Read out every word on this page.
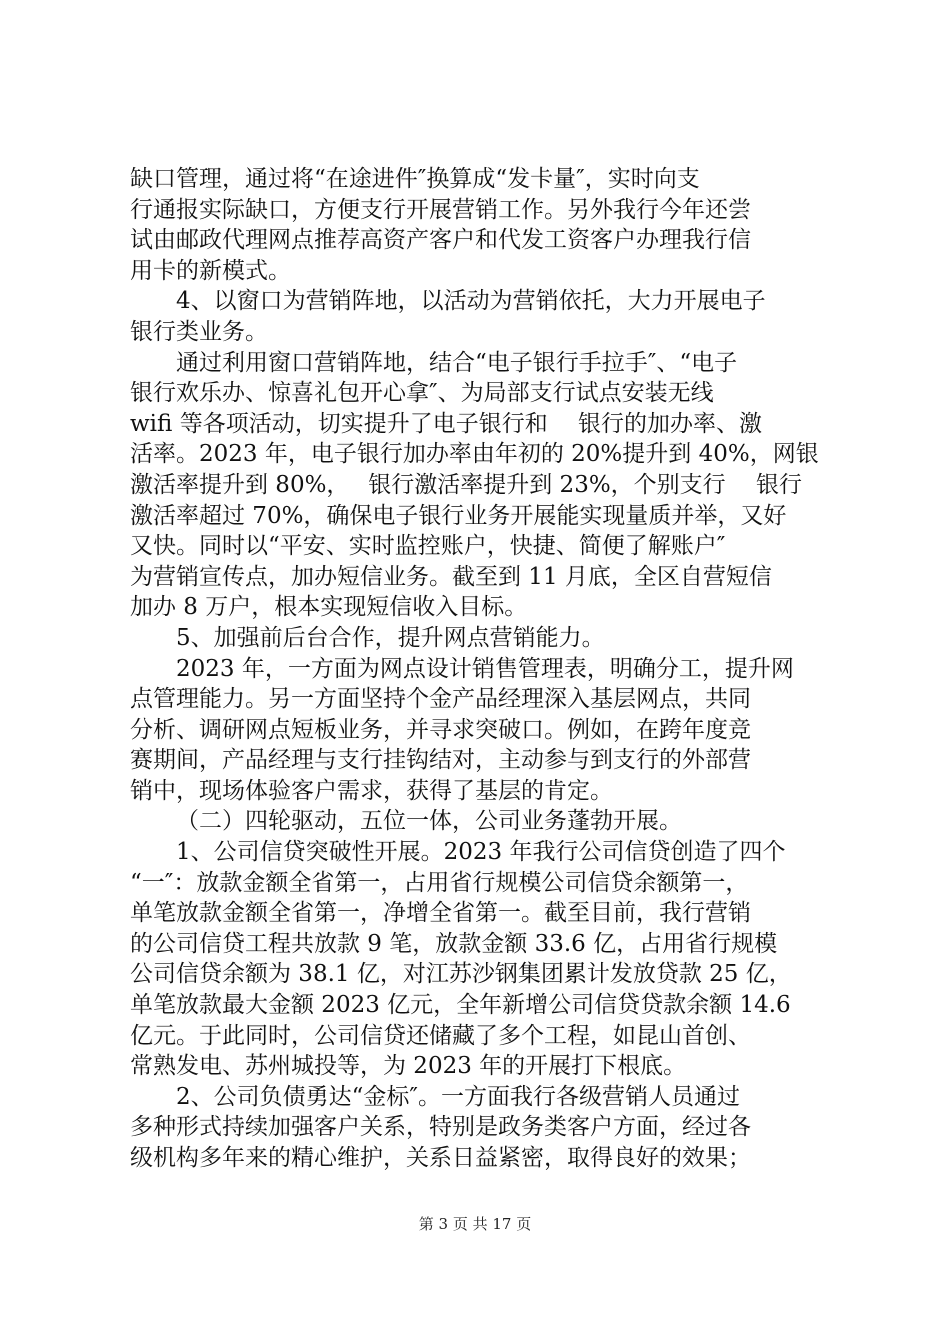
缺口管理，通过将“在途进件″换算成“发卡量″，实时向支
行通报实际缺口，方便支行开展营销工作。另外我行今年还尝
试由邮政代理网点推荐高资产客户和代发工资客户办理我行信
用卡的新模式。
4、以窗口为营销阵地，以活动为营销依托，大力开展电子
银行类业务。
通过利用窗口营销阵地，结合“电子银行手拉手″、“电子
银行欢乐办、惊喜礼包开心拿″、为局部支行试点安装无线
wifi 等各项活动，切实提升了电子银行和　 银行的加办率、激
活率。2023 年，电子银行加办率由年初的 20%提升到 40%，网银
激活率提升到 80%，　 银行激活率提升到 23%，个别支行　 银行
激活率超过 70%，确保电子银行业务开展能实现量质并举，又好
又快。同时以“平安、实时监控账户，快捷、简便了解账户″
为营销宣传点，加办短信业务。截至到 11 月底，全区自营短信
加办 8 万户，根本实现短信收入目标。
5、加强前后台合作，提升网点营销能力。
2023 年，一方面为网点设计销售管理表，明确分工，提升网
点管理能力。另一方面坚持个金产品经理深入基层网点，共同
分析、调研网点短板业务，并寻求突破口。例如，在跨年度竞
赛期间，产品经理与支行挂钩结对，主动参与到支行的外部营
销中，现场体验客户需求，获得了基层的肯定。
（二）四轮驱动，五位一体，公司业务蓬勃开展。
1、公司信贷突破性开展。2023 年我行公司信贷创造了四个
“一″：放款金额全省第一，占用省行规模公司信贷余额第一，
单笔放款金额全省第一，净增全省第一。截至目前，我行营销
的公司信贷工程共放款 9 笔，放款金额 33.6 亿，占用省行规模
公司信贷余额为 38.1 亿，对江苏沙钢集团累计发放贷款 25 亿，
单笔放款最大金额 2023 亿元，全年新增公司信贷贷款余额 14.6
亿元。于此同时，公司信贷还储藏了多个工程，如昆山首创、
常熟发电、苏州城投等，为 2023 年的开展打下根底。
2、公司负债勇达“金标″。一方面我行各级营销人员通过
多种形式持续加强客户关系，特别是政务类客户方面，经过各
级机构多年来的精心维护，关系日益紧密，取得良好的效果；
第 3 页 共 17 页
